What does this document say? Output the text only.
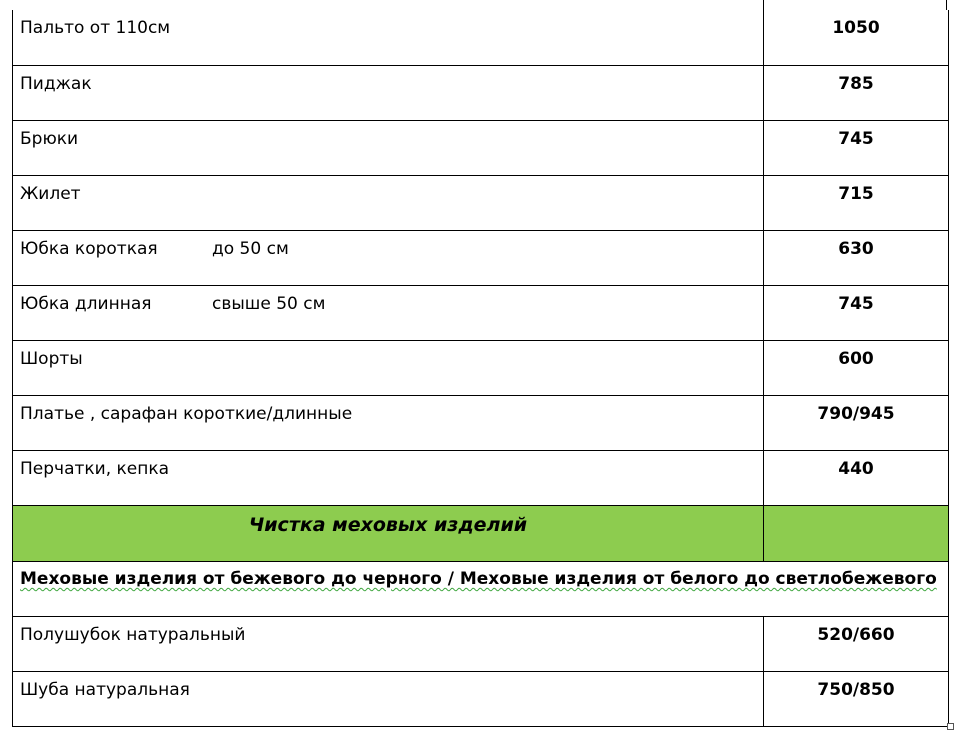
Пальто от 110см	1050
Пиджак	785
Брюки	745
Жилет	715
Юбка короткая	до 50 см	630
Юбка длинная	свыше 50 см	745
Шорты	600
Платье , сарафан короткие/длинные	790/945
Перчатки, кепка	440
Чистка меховых изделий
Меховые изделия от бежевого до черного / Меховые изделия от белого до светлобежевого
Полушубок натуральный	520/660
Шуба натуральная	750/850
